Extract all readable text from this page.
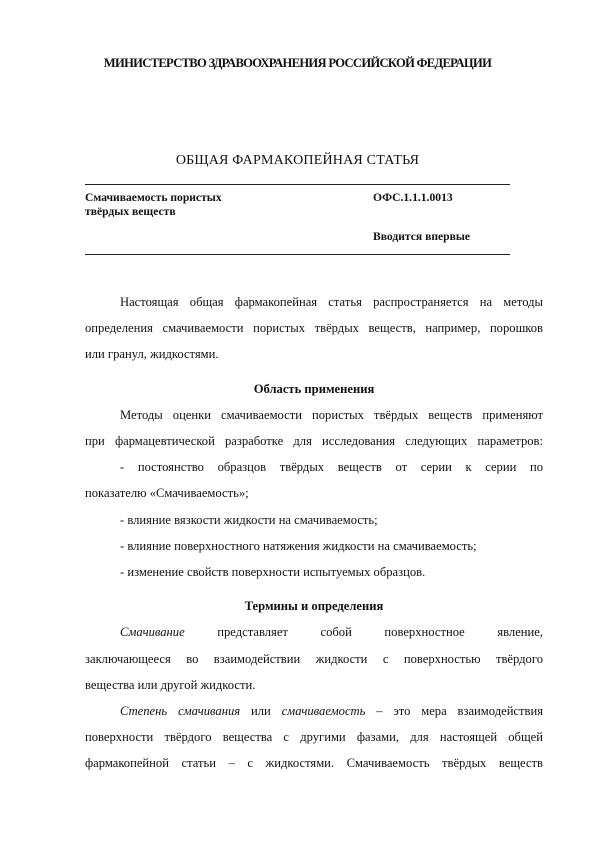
МИНИСТЕРСТВО ЗДРАВООХРАНЕНИЯ РОССИЙСКОЙ ФЕДЕРАЦИИ
ОБЩАЯ ФАРМАКОПЕЙНАЯ СТАТЬЯ
Смачиваемость пористых
твёрдых веществ
ОФС.1.1.1.0013
Вводится впервые

Настоящая общая фармакопейная статья распространяется на методы

определения смачиваемости пористых твёрдых веществ, например, порошков

или гранул, жидкостями.

Область применения

Методы оценки смачиваемости пористых твёрдых веществ применяют

при фармацевтической разработке для исследования следующих параметров:

- постоянство образцов твёрдых веществ от серии к серии по

показателю «Смачиваемость»;

- влияние вязкости жидкости на смачиваемость;

- влияние поверхностного натяжения жидкости на смачиваемость;

- изменение свойств поверхности испытуемых образцов.

Термины и определения

Смачивание представляет собой поверхностное явление,

заключающееся во взаимодействии жидкости с поверхностью твёрдого

вещества или другой жидкости.

Степень смачивания или смачиваемость – это мера взаимодействия

поверхности твёрдого вещества с другими фазами, для настоящей общей

фармакопейной статьи – с жидкостями. Смачиваемость твёрдых веществ
